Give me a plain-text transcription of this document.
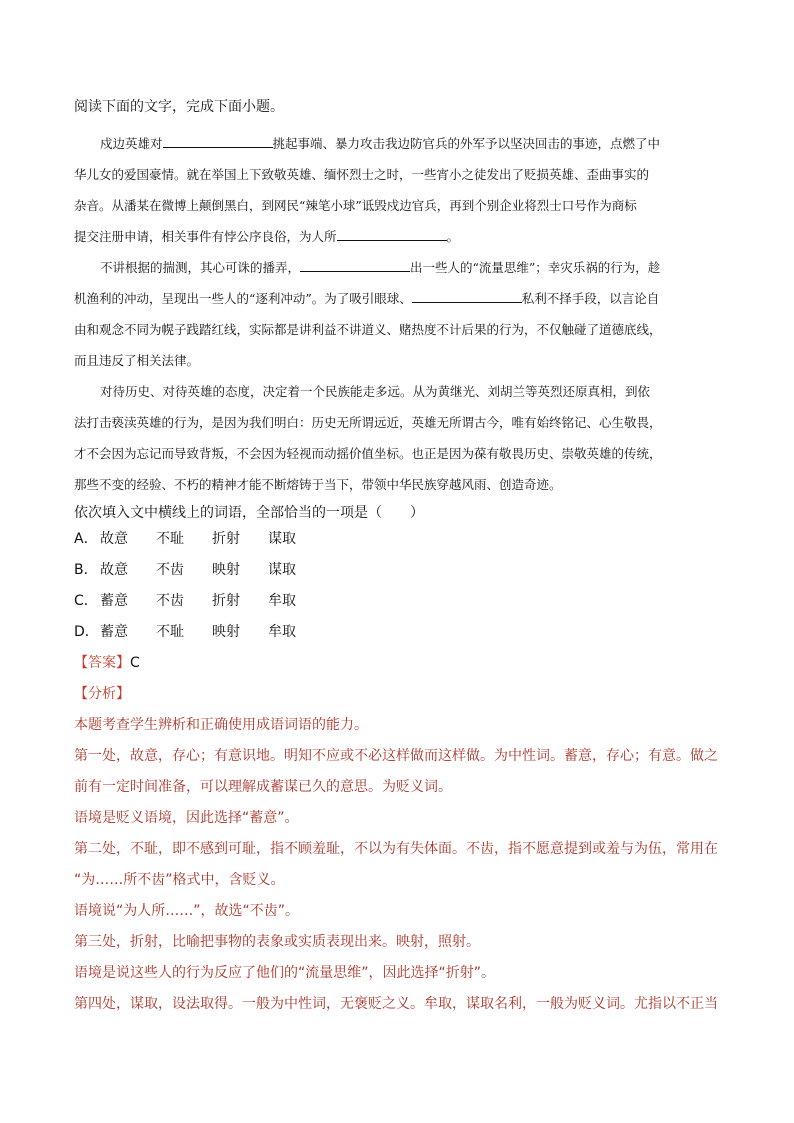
阅读下面的文字，完成下面小题。

戍边英雄对	挑起事端、暴力攻击我边防官兵的外军予以坚决回击的事迹，点燃了中
华儿女的爱国豪情。就在举国上下致敬英雄、缅怀烈士之时，一些宵小之徒发出了贬损英雄、歪曲事实的
杂音。从潘某在微博上颠倒黑白，到网民“辣笔小球”诋毁戍边官兵，再到个别企业将烈士口号作为商标
提交注册申请，相关事件有悖公序良俗，为人所	。

不讲根据的揣测，其心可诛的播弄，	出一些人的“流量思维”；幸灾乐祸的行为，趁
机渔利的冲动，呈现出一些人的“逐利冲动”。为了吸引眼球、	私利不择手段，以言论自
由和观念不同为幌子践踏红线，实际都是讲利益不讲道义、赌热度不计后果的行为，不仅触碰了道德底线，
而且违反了相关法律。

对待历史、对待英雄的态度，决定着一个民族能走多远。从为黄继光、刘胡兰等英烈还原真相，到依
法打击亵渎英雄的行为，是因为我们明白：历史无所谓远近，英雄无所谓古今，唯有始终铭记、心生敬畏，
才不会因为忘记而导致背叛，不会因为轻视而动摇价值坐标。也正是因为葆有敬畏历史、崇敬英雄的传统，
那些不变的经验、不朽的精神才能不断熔铸于当下，带领中华民族穿越风雨、创造奇迹。

依次填入文中横线上的词语，全部恰当的一项是（　　）
A． 故意	不耻	折射	谋取
B． 故意	不齿	映射	谋取
C． 蓄意	不齿	折射	牟取
D． 蓄意	不耻	映射	牟取
【答案】C
【分析】
本题考查学生辨析和正确使用成语词语的能力。
第一处，故意，存心；有意识地。明知不应或不必这样做而这样做。为中性词。蓄意，存心；有意。做之
前有一定时间准备，可以理解成蓄谋已久的意思。为贬义词。
语境是贬义语境，因此选择“蓄意”。
第二处，不耻，即不感到可耻，指不顾羞耻，不以为有失体面。不齿，指不愿意提到或羞与为伍，常用在
“为……所不齿”格式中，含贬义。
语境说“为人所……”，故选“不齿”。
第三处，折射，比喻把事物的表象或实质表现出来。映射，照射。
语境是说这些人的行为反应了他们的“流量思维”，因此选择“折射”。
第四处，谋取，设法取得。一般为中性词，无褒贬之义。牟取，谋取名利，一般为贬义词。尤指以不正当
